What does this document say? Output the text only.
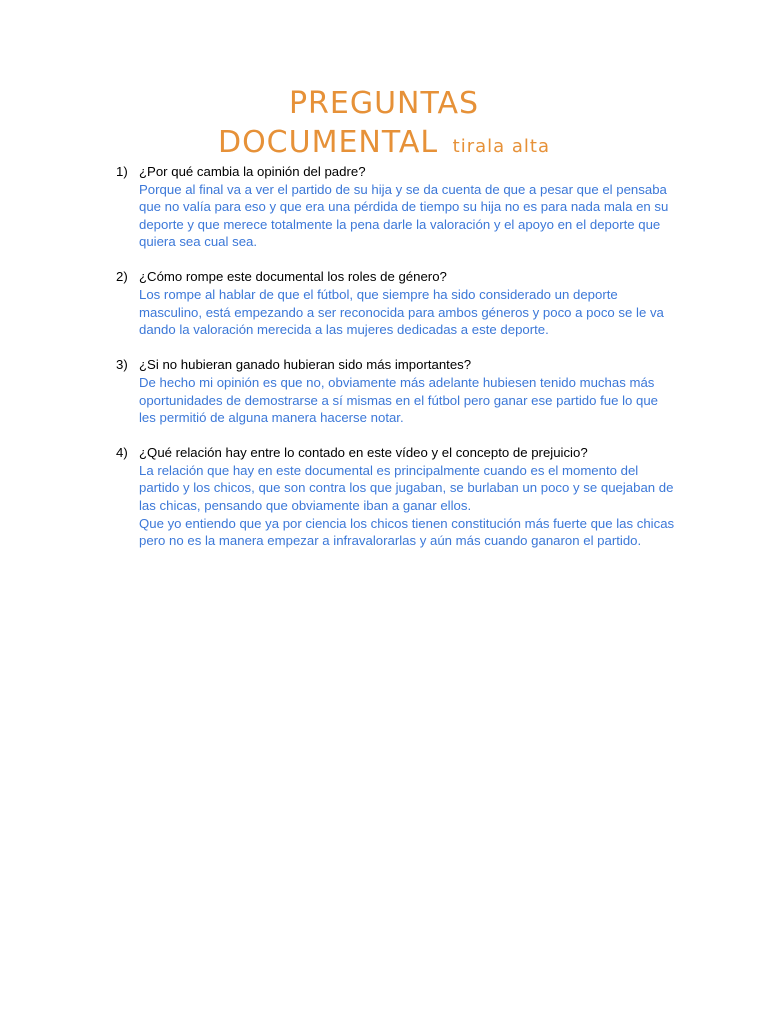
PREGUNTAS
DOCUMENTAL tirala alta
1) ¿Por qué cambia la opinión del padre?
Porque al final va a ver el partido de su hija y se da cuenta de que a pesar que el pensaba que no valía para eso y que era una pérdida de tiempo su hija no es para nada mala en su deporte y que merece totalmente la pena darle la valoración y el apoyo en el deporte que quiera sea cual sea.
2) ¿Cómo rompe este documental los roles de género?
Los rompe al hablar de que el fútbol, que siempre ha sido considerado un deporte masculino, está empezando a ser reconocida para ambos géneros y poco a poco se le va dando la valoración merecida a las mujeres dedicadas a este deporte.
3) ¿Si no hubieran ganado hubieran sido más importantes?
De hecho mi opinión es que no, obviamente más adelante hubiesen tenido muchas más oportunidades de demostrarse a sí mismas en el fútbol pero ganar ese partido fue lo que les permitió de alguna manera hacerse notar.
4) ¿Qué relación hay entre lo contado en este vídeo y el concepto de prejuicio?
La relación que hay en este documental es principalmente cuando es el momento del partido y los chicos, que son contra los que jugaban, se burlaban un poco y se quejaban de las chicas, pensando que obviamente iban a ganar ellos.
Que yo entiendo que ya por ciencia los chicos tienen constitución más fuerte que las chicas pero no es la manera empezar a infravalorarlas y aún más cuando ganaron el partido.
